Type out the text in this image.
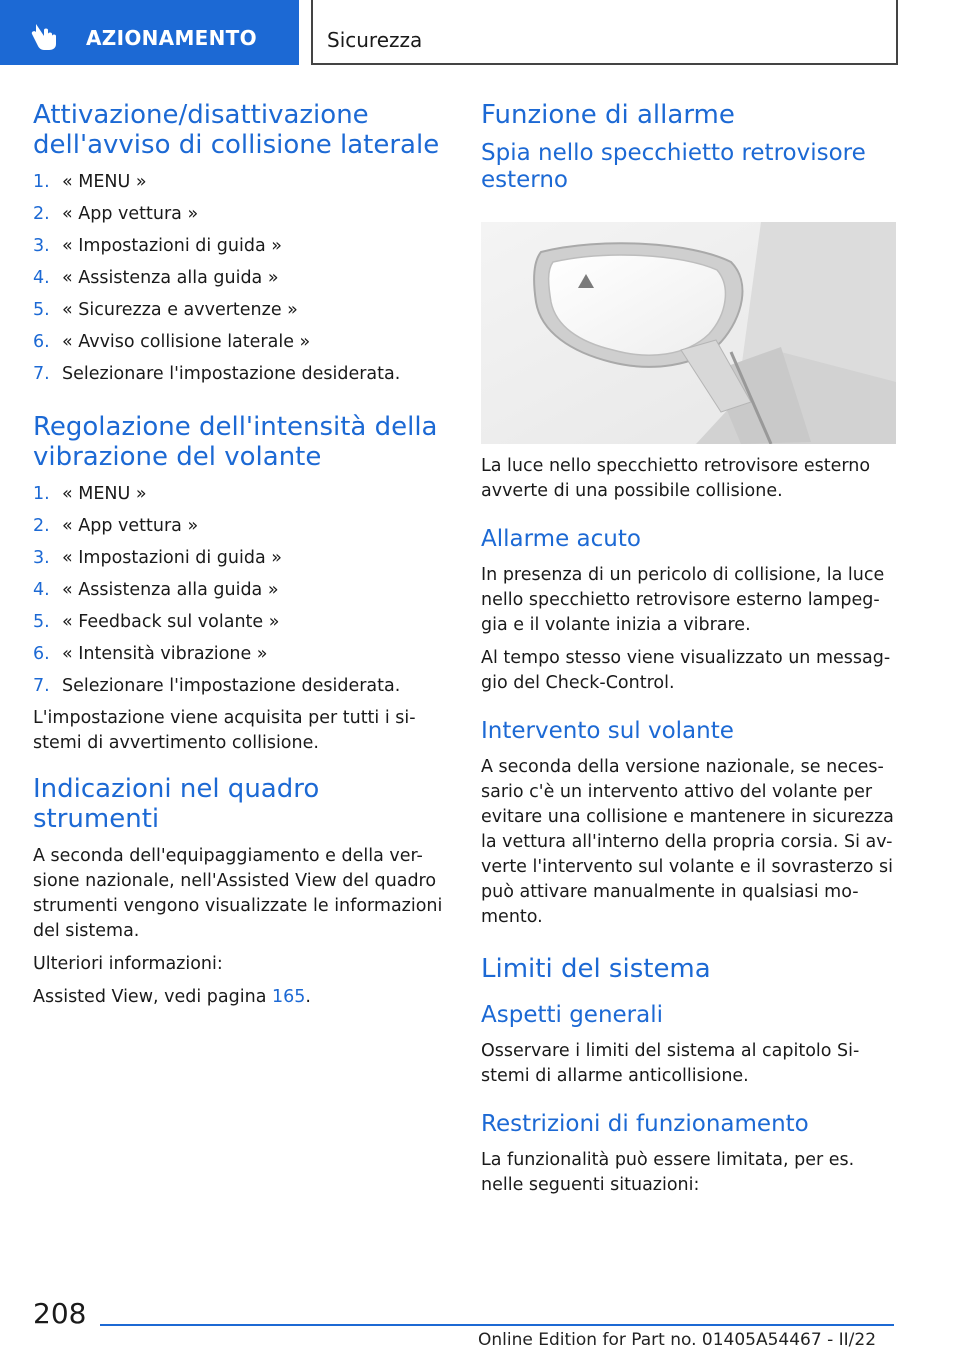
AZIONAMENTO	Sicurezza
Attivazione/disattivazione dell'avviso di collisione laterale
1. « MENU »
2. « App vettura »
3. « Impostazioni di guida »
4. « Assistenza alla guida »
5. « Sicurezza e avvertenze »
6. « Avviso collisione laterale »
7. Selezionare l'impostazione desiderata.
Regolazione dell'intensità della vibrazione del volante
1. « MENU »
2. « App vettura »
3. « Impostazioni di guida »
4. « Assistenza alla guida »
5. « Feedback sul volante »
6. « Intensità vibrazione »
7. Selezionare l'impostazione desiderata.

L'impostazione viene acquisita per tutti i si-stemi di avvertimento collisione.

Indicazioni nel quadro strumenti

A seconda dell'equipaggiamento e della ver-sione nazionale, nell'Assisted View del quadro strumenti vengono visualizzate le informazioni del sistema.

Ulteriori informazioni:

Assisted View, vedi pagina 165.

Funzione di allarme
Spia nello specchietto retrovisore esterno

La luce nello specchietto retrovisore esterno avverte di una possibile collisione.

Allarme acuto

In presenza di un pericolo di collisione, la luce nello specchietto retrovisore esterno lampeg-gia e il volante inizia a vibrare.

Al tempo stesso viene visualizzato un messag-gio del Check-Control.

Intervento sul volante

A seconda della versione nazionale, se neces-sario c'è un intervento attivo del volante per evitare una collisione e mantenere in sicurezza la vettura all'interno della propria corsia. Si av-verte l'intervento sul volante e il sovrasterzo si può attivare manualmente in qualsiasi mo-mento.

Limiti del sistema
Aspetti generali

Osservare i limiti del sistema al capitolo Si-stemi di allarme anticollisione.

Restrizioni di funzionamento

La funzionalità può essere limitata, per es. nelle seguenti situazioni:

208
Online Edition for Part no. 01405A54467 - II/22
